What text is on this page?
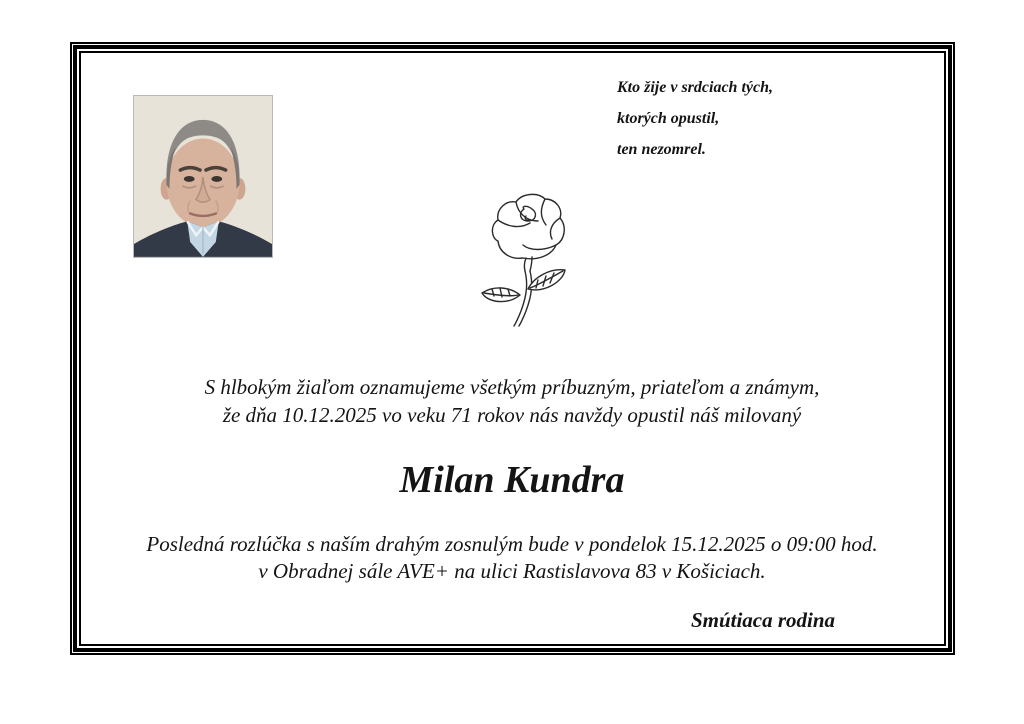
Kto žije v srdciach tých,
ktorých opustil,
ten nezomrel.
S hlbokým žiaľom oznamujeme všetkým príbuzným, priateľom a známym,
že dňa 10.12.2025 vo veku 71 rokov nás navždy opustil náš milovaný
Milan Kundra
Posledná rozlúčka s naším drahým zosnulým bude v pondelok 15.12.2025 o 09:00 hod.
v Obradnej sále AVE+ na ulici Rastislavova 83 v Košiciach.
Smútiaca rodina
